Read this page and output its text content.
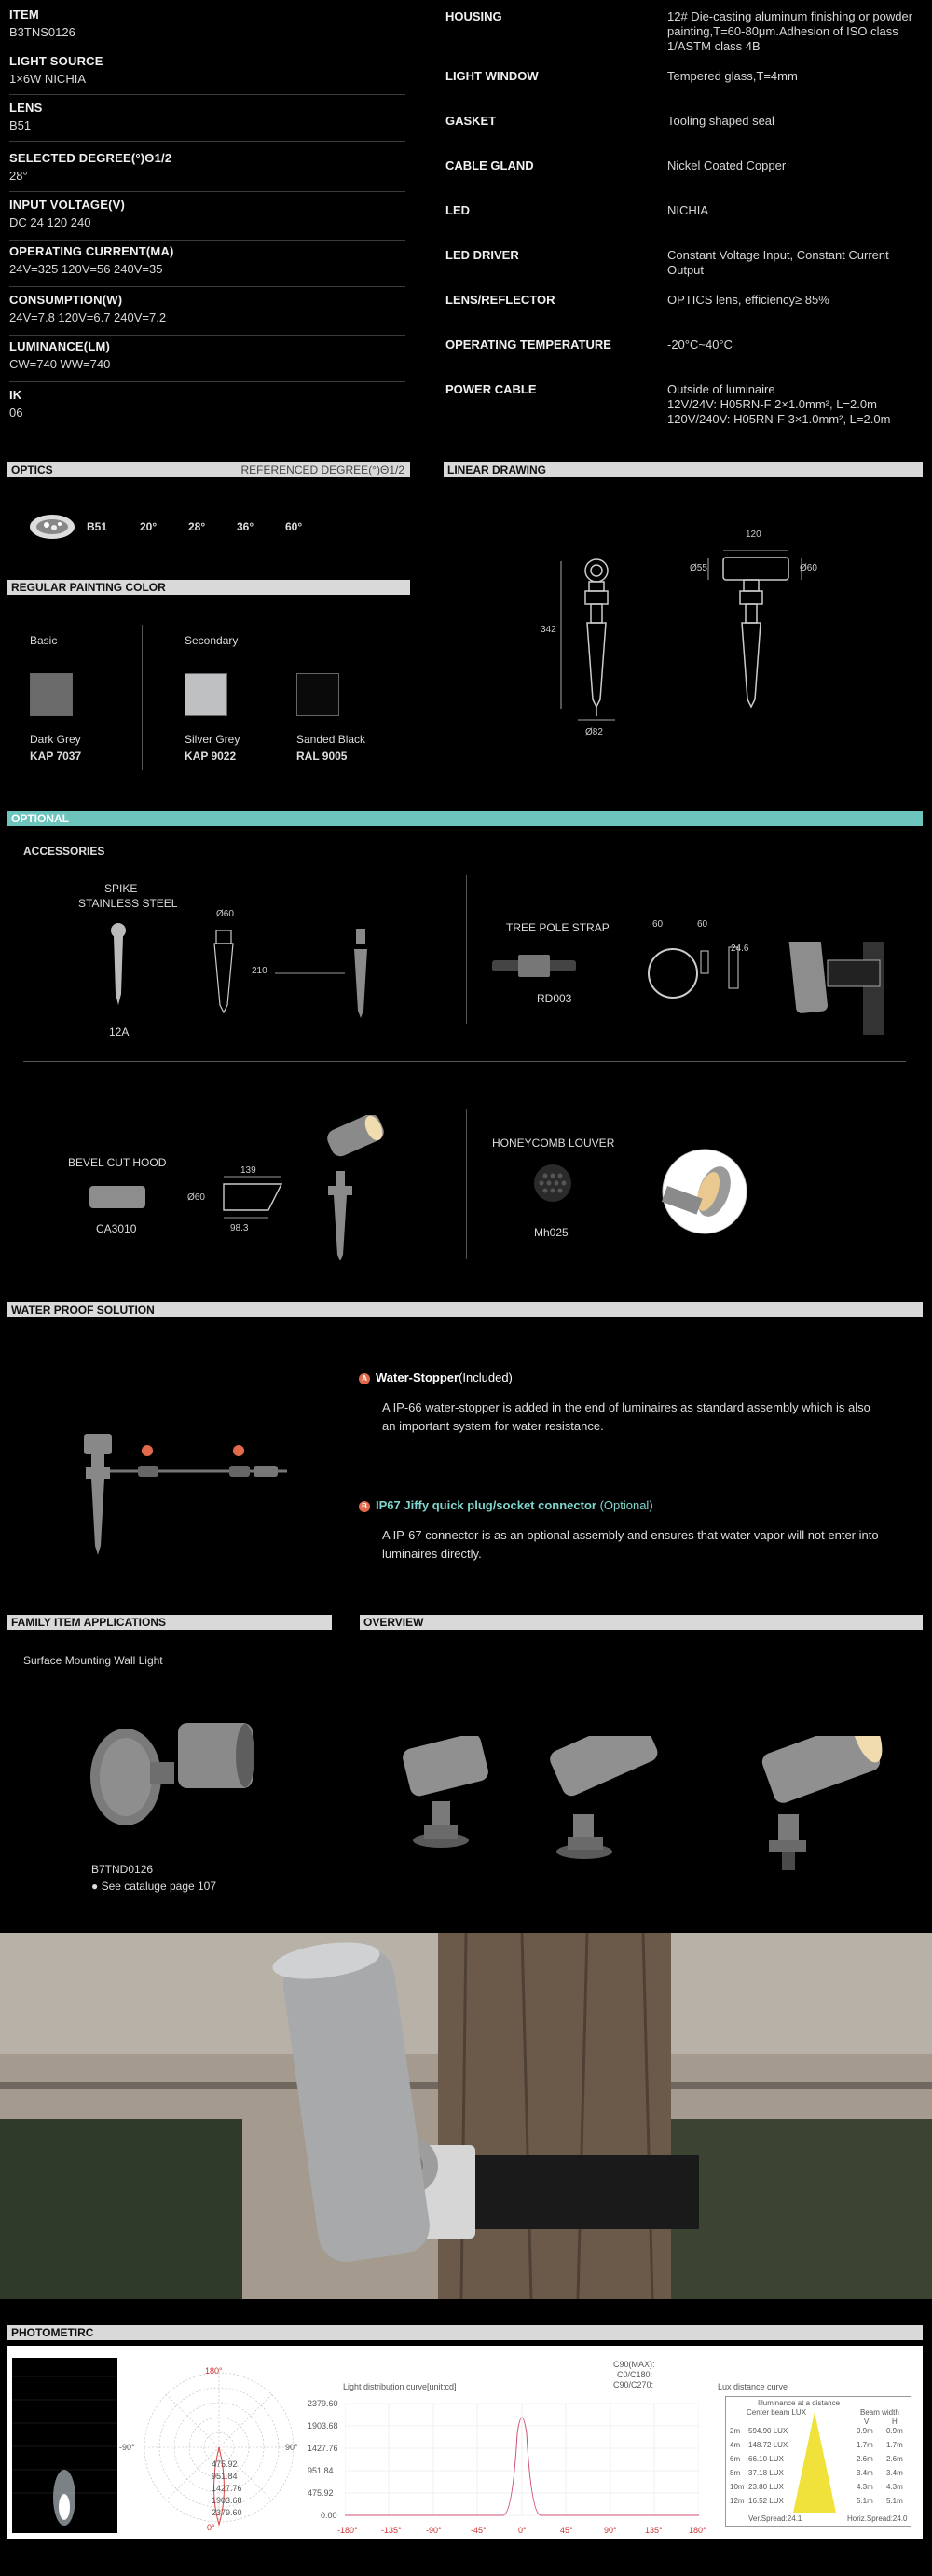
ITEM
B3TNS0126
LIGHT SOURCE
1×6W NICHIA
LENS
B51
SELECTED DEGREE(°)Θ1/2
28°
INPUT VOLTAGE(V)
DC 24 120 240
OPERATING CURRENT(MA)
24V=325 120V=56 240V=35
CONSUMPTION(W)
24V=7.8 120V=6.7 240V=7.2
LUMINANCE(LM)
CW=740 WW=740
IK
06
HOUSING	12# Die-casting aluminum finishing or powder painting,T=60-80μm.Adhesion of ISO class 1/ASTM class 4B
LIGHT WINDOW	Tempered glass,T=4mm
GASKET	Tooling shaped seal
CABLE GLAND	Nickel Coated Copper
LED	NICHIA
LED DRIVER	Constant Voltage Input, Constant Current Output
LENS/REFLECTOR	OPTICS lens, efficiency≥ 85%
OPERATING TEMPERATURE	-20°C~40°C
POWER CABLE	Outside of luminaire
12V/24V: H05RN-F 2×1.0mm², L=2.0m
120V/240V: H05RN-F 3×1.0mm², L=2.0m
OPTICS	REFERENCED DEGREE(°)Θ1/2
B51	20°	28°	36°	60°
LINEAR DRAWING
342
Ø82
120
Ø55	Ø60
REGULAR PAINTING COLOR
Basic	Secondary
Dark Grey
KAP 7037
Silver Grey
KAP 9022
Sanded Black
RAL 9005
OPTIONAL
ACCESSORIES
SPIKE
STAINLESS STEEL
Ø60
210
12A
TREE POLE STRAP	60	60
24.6
RD003
BEVEL CUT HOOD
139
Ø60
98.3
CA3010
HONEYCOMB LOUVER
Mh025
WATER PROOF SOLUTION
A Water-Stopper(Included)
A IP-66 water-stopper is added in the end of luminaires as standard assembly which is also an important system for water resistance.
B IP67 Jiffy quick plug/socket connector (Optional)
A IP-67 connector is as an optional assembly and ensures that water vapor will not enter into luminaires directly.
FAMILY ITEM APPLICATIONS	OVERVIEW
Surface Mounting Wall Light
B7TND0126
● See cataluge page 107
PHOTOMETIRC
180°
-90°	90°
0°
475.92
951.84
1427.76
1903.68
2379.60
Light distribution curve[unit:cd]
C90(MAX):
C0/C180:
C90/C270:
2379.60
1903.68
1427.76
951.84
475.92
0.00
-180°	-135°	-90°	-45°	0°	45°	90°	135°	180°
Lux distance curve
Illuminance at a distance
Center beam LUX	Beam width
V	H
2m 594.90 LUX	0.9m 0.9m
4m 148.72 LUX	1.7m 1.7m
6m 66.10 LUX	2.6m 2.6m
8m 37.18 LUX	3.4m 3.4m
10m 23.80 LUX	4.3m 4.3m
12m 16.52 LUX	5.1m 5.1m
Ver.Spread:24.1	Horiz.Spread:24.0
